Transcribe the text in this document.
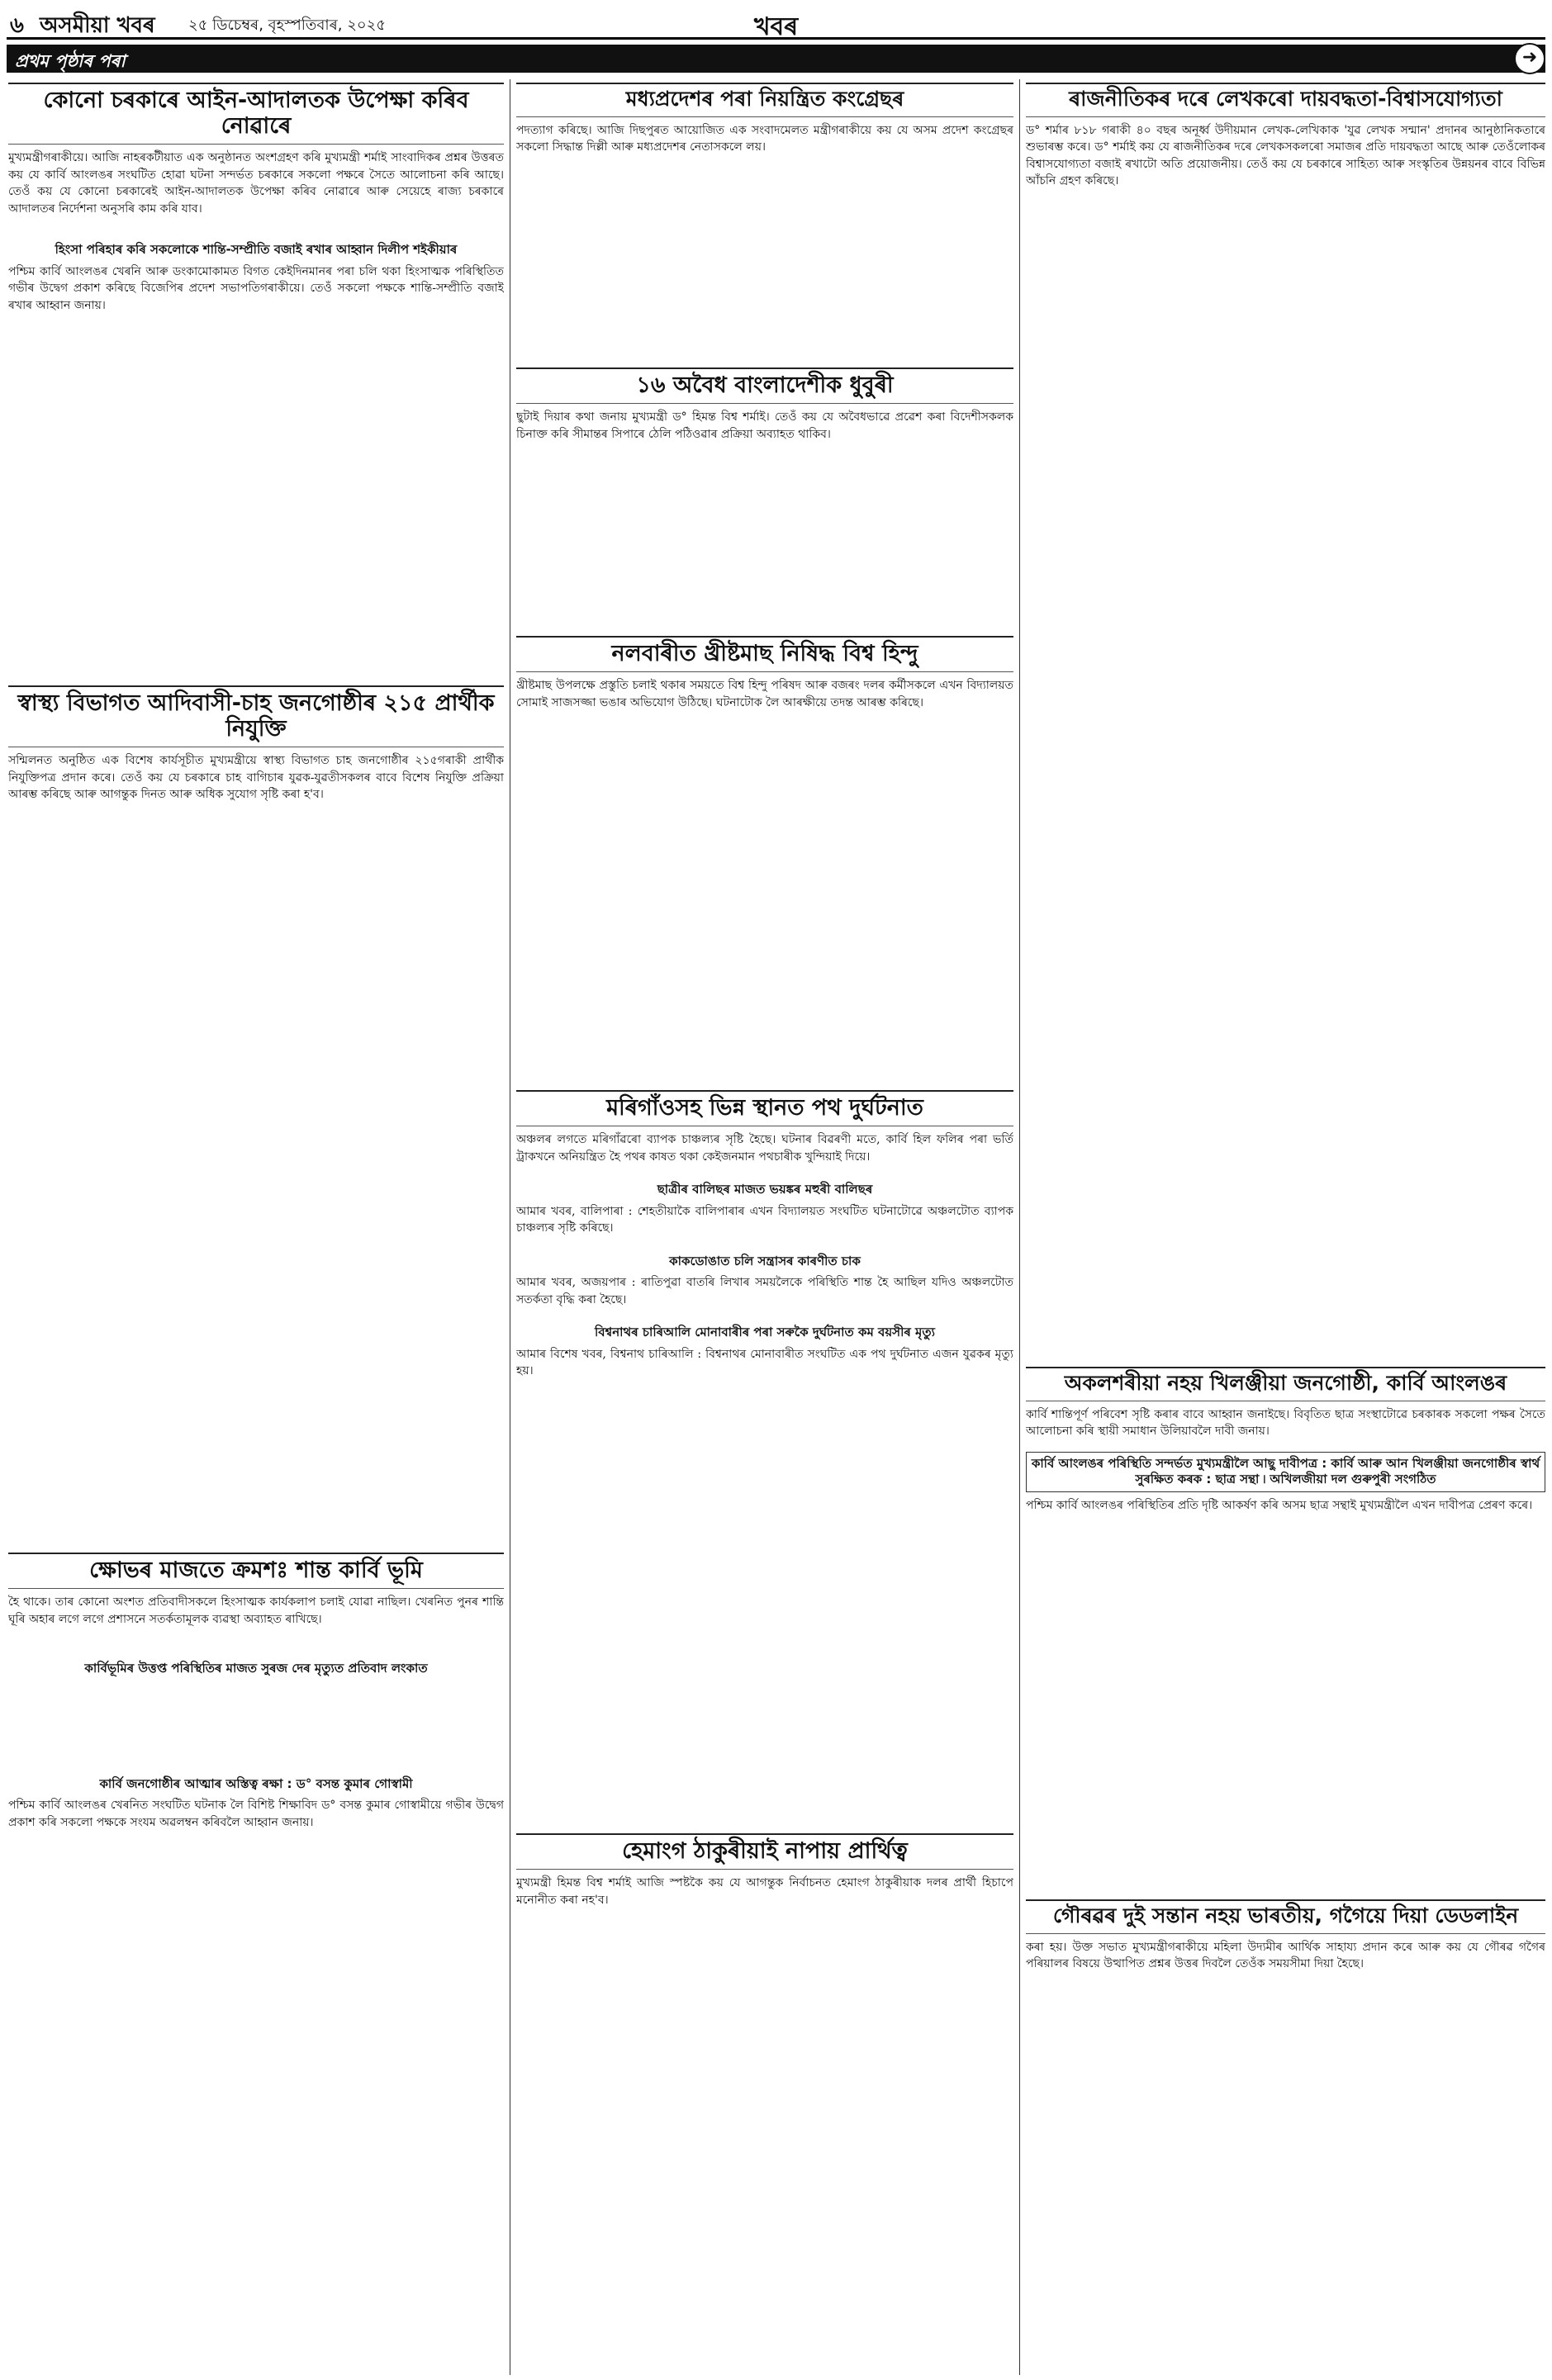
৬ অসমীয়া খবৰ ২৫ ডিচেম্বৰ, বৃহস্পতিবাৰ, ২০২৫	খবৰ
প্ৰথম পৃষ্ঠাৰ পৰা	➜
কোনো চৰকাৰে আইন-আদালতক উপেক্ষা কৰিব নোৱাৰে
মুখ্যমন্ত্ৰীগৰাকীয়ে। আজি নাহৰকটীয়াত এক অনুষ্ঠানত অংশগ্ৰহণ কৰি মুখ্যমন্ত্ৰী শৰ্মাই সাংবাদিকৰ প্ৰশ্নৰ উত্তৰত কয় যে কাৰ্বি আংলঙৰ সংঘটিত হোৱা ঘটনা সন্দৰ্ভত চৰকাৰে সকলো পক্ষৰে সৈতে আলোচনা কৰি আছে। তেওঁ কয় যে কোনো চৰকাৰেই আইন-আদালতক উপেক্ষা কৰিব নোৱাৰে আৰু সেয়েহে ৰাজ্য চৰকাৰে আদালতৰ নিৰ্দেশনা অনুসৰি কাম কৰি যাব।
হিংসা পৰিহাৰ কৰি সকলোকে শান্তি-সম্প্ৰীতি বজাই ৰখাৰ আহ্বান দিলীপ শইকীয়াৰ
পশ্চিম কাৰ্বি আংলঙৰ খেৰনি আৰু ডংকামোকামত বিগত কেইদিনমানৰ পৰা চলি থকা হিংসাত্মক পৰিস্থিতিত গভীৰ উদ্বেগ প্ৰকাশ কৰিছে বিজেপিৰ প্ৰদেশ সভাপতিগৰাকীয়ে। তেওঁ সকলো পক্ষকে শান্তি-সম্প্ৰীতি বজাই ৰখাৰ আহ্বান জনায়।
স্বাস্থ্য বিভাগত আদিবাসী-চাহ জনগোষ্ঠীৰ ২১৫ প্ৰাৰ্থীক নিযুক্তি
সন্মিলনত অনুষ্ঠিত এক বিশেষ কাৰ্যসূচীত মুখ্যমন্ত্ৰীয়ে স্বাস্থ্য বিভাগত চাহ জনগোষ্ঠীৰ ২১৫গৰাকী প্ৰাৰ্থীক নিযুক্তিপত্ৰ প্ৰদান কৰে। তেওঁ কয় যে চৰকাৰে চাহ বাগিচাৰ যুৱক-যুৱতীসকলৰ বাবে বিশেষ নিযুক্তি প্ৰক্ৰিয়া আৰম্ভ কৰিছে আৰু আগন্তুক দিনত আৰু অধিক সুযোগ সৃষ্টি কৰা হ'ব।
ক্ষোভৰ মাজতে ক্ৰমশঃ শান্ত কাৰ্বি ভূমি
হৈ থাকে। তাৰ কোনো অংশত প্ৰতিবাদীসকলে হিংসাত্মক কাৰ্যকলাপ চলাই যোৱা নাছিল। খেৰনিত পুনৰ শান্তি ঘূৰি অহাৰ লগে লগে প্ৰশাসনে সতৰ্কতামূলক ব্যৱস্থা অব্যাহত ৰাখিছে।
কাৰ্বিভূমিৰ উত্তপ্ত পৰিস্থিতিৰ মাজত সুৰজ দেৰ মৃত্যুত প্ৰতিবাদ লংকাত
কাৰ্বি জনগোষ্ঠীৰ আত্মাৰ অস্তিত্ব ৰক্ষা : ড° বসন্ত কুমাৰ গোস্বামী
পশ্চিম কাৰ্বি আংলঙৰ খেৰনিত সংঘটিত ঘটনাক লৈ বিশিষ্ট শিক্ষাবিদ ড° বসন্ত কুমাৰ গোস্বামীয়ে গভীৰ উদ্বেগ প্ৰকাশ কৰি সকলো পক্ষকে সংযম অৱলম্বন কৰিবলৈ আহ্বান জনায়।
মধ্যপ্ৰদেশৰ পৰা নিয়ন্ত্ৰিত কংগ্ৰেছৰ
পদত্যাগ কৰিছে। আজি দিছপুৰত আয়োজিত এক সংবাদমেলত মন্ত্ৰীগৰাকীয়ে কয় যে অসম প্ৰদেশ কংগ্ৰেছৰ সকলো সিদ্ধান্ত দিল্লী আৰু মধ্যপ্ৰদেশৰ নেতাসকলে লয়।
১৬ অবৈধ বাংলাদেশীক ধুবুৰী
ছুটাই দিয়াৰ কথা জনায় মুখ্যমন্ত্ৰী ড° হিমন্ত বিশ্ব শৰ্মাই। তেওঁ কয় যে অবৈধভাৱে প্ৰৱেশ কৰা বিদেশীসকলক চিনাক্ত কৰি সীমান্তৰ সিপাৰে ঠেলি পঠিওৱাৰ প্ৰক্ৰিয়া অব্যাহত থাকিব।
নলবাৰীত খ্ৰীষ্টমাছ নিষিদ্ধ বিশ্ব হিন্দু
খ্ৰীষ্টমাছ উপলক্ষে প্ৰস্তুতি চলাই থকাৰ সময়তে বিশ্ব হিন্দু পৰিষদ আৰু বজৰং দলৰ কৰ্মীসকলে এখন বিদ্যালয়ত সোমাই সাজসজ্জা ভঙাৰ অভিযোগ উঠিছে। ঘটনাটোক লৈ আৰক্ষীয়ে তদন্ত আৰম্ভ কৰিছে।
মৰিগাঁওসহ ভিন্ন স্থানত পথ দুৰ্ঘটনাত
অঞ্চলৰ লগতে মৰিগাঁৱৰো ব্যাপক চাঞ্চল্যৰ সৃষ্টি হৈছে। ঘটনাৰ বিৱৰণী মতে, কাৰ্বি হিল ফলিৰ পৰা ভৰ্তি ট্ৰাকখনে অনিয়ন্ত্ৰিত হৈ পথৰ কাষত থকা কেইজনমান পথচাৰীক খুন্দিয়াই দিয়ে।
ছাত্ৰীৰ বালিছৰ মাজত ভয়ঙ্কৰ মহুৰী বালিছৰ
আমাৰ খবৰ, বালিপাৰা : শেহতীয়াকৈ বালিপাৰাৰ এখন বিদ্যালয়ত সংঘটিত ঘটনাটোৱে অঞ্চলটোত ব্যাপক চাঞ্চল্যৰ সৃষ্টি কৰিছে।
কাকডোঙাত চলি সন্ত্ৰাসৰ কাৰণীত চাক
আমাৰ খবৰ, অজয়পাৰ : ৰাতিপুৱা বাতৰি লিখাৰ সময়লৈকে পৰিস্থিতি শান্ত হৈ আছিল যদিও অঞ্চলটোত সতৰ্কতা বৃদ্ধি কৰা হৈছে।
বিশ্বনাথৰ চাৰিআলি মোনাবাৰীৰ পৰা সৰুকৈ দুৰ্ঘটনাত কম বয়সীৰ মৃত্যু
আমাৰ বিশেষ খবৰ, বিশ্বনাথ চাৰিআলি : বিশ্বনাথৰ মোনাবাৰীত সংঘটিত এক পথ দুৰ্ঘটনাত এজন যুৱকৰ মৃত্যু হয়।
হেমাংগ ঠাকুৰীয়াই নাপায় প্ৰাৰ্থিত্ব
মুখ্যমন্ত্ৰী হিমন্ত বিশ্ব শৰ্মাই আজি স্পষ্টকৈ কয় যে আগন্তুক নিৰ্বাচনত হেমাংগ ঠাকুৰীয়াক দলৰ প্ৰাৰ্থী হিচাপে মনোনীত কৰা নহ'ব।
ৰাজনীতিকৰ দৰে লেখকৰো দায়বদ্ধতা-বিশ্বাসযোগ্যতা
ড° শৰ্মাৰ ৮১৮ গৰাকী ৪০ বছৰ অনূৰ্ধ্ব উদীয়মান লেখক-লেখিকাক 'যুৱ লেখক সন্মান' প্ৰদানৰ আনুষ্ঠানিকতাৰে শুভাৰম্ভ কৰে। ড° শৰ্মাই কয় যে ৰাজনীতিকৰ দৰে লেখকসকলৰো সমাজৰ প্ৰতি দায়বদ্ধতা আছে আৰু তেওঁলোকৰ বিশ্বাসযোগ্যতা বজাই ৰখাটো অতি প্ৰয়োজনীয়। তেওঁ কয় যে চৰকাৰে সাহিত্য আৰু সংস্কৃতিৰ উন্নয়নৰ বাবে বিভিন্ন আঁচনি গ্ৰহণ কৰিছে।
অকলশৰীয়া নহয় খিলঞ্জীয়া জনগোষ্ঠী, কাৰ্বি আংলঙৰ
কাৰ্বি শান্তিপূৰ্ণ পৰিবেশ সৃষ্টি কৰাৰ বাবে আহ্বান জনাইছে। বিবৃতিত ছাত্ৰ সংস্থাটোৱে চৰকাৰক সকলো পক্ষৰ সৈতে আলোচনা কৰি স্থায়ী সমাধান উলিয়াবলৈ দাবী জনায়।
কাৰ্বি আংলঙৰ পৰিস্থিতি সন্দৰ্ভত মুখ্যমন্ত্ৰীলৈ আছু দাবীপত্ৰ : কাৰ্বি আৰু আন খিলঞ্জীয়া জনগোষ্ঠীৰ স্বাৰ্থ সুৰক্ষিত কৰক : ছাত্ৰ সন্থা ৷ অখিলজীয়া দল গুৰুপুৰী সংগঠিত
পশ্চিম কাৰ্বি আংলঙৰ পৰিস্থিতিৰ প্ৰতি দৃষ্টি আকৰ্ষণ কৰি অসম ছাত্ৰ সন্থাই মুখ্যমন্ত্ৰীলৈ এখন দাবীপত্ৰ প্ৰেৰণ কৰে।
গৌৰৱৰ দুই সন্তান নহয় ভাৰতীয়, গগৈয়ে দিয়া ডেডলাইন
কৰা হয়। উক্ত সভাত মুখ্যমন্ত্ৰীগৰাকীয়ে মহিলা উদ্যমীৰ আৰ্থিক সাহায্য প্ৰদান কৰে আৰু কয় যে গৌৰৱ গগৈৰ পৰিয়ালৰ বিষয়ে উত্থাপিত প্ৰশ্নৰ উত্তৰ দিবলৈ তেওঁক সময়সীমা দিয়া হৈছে।
